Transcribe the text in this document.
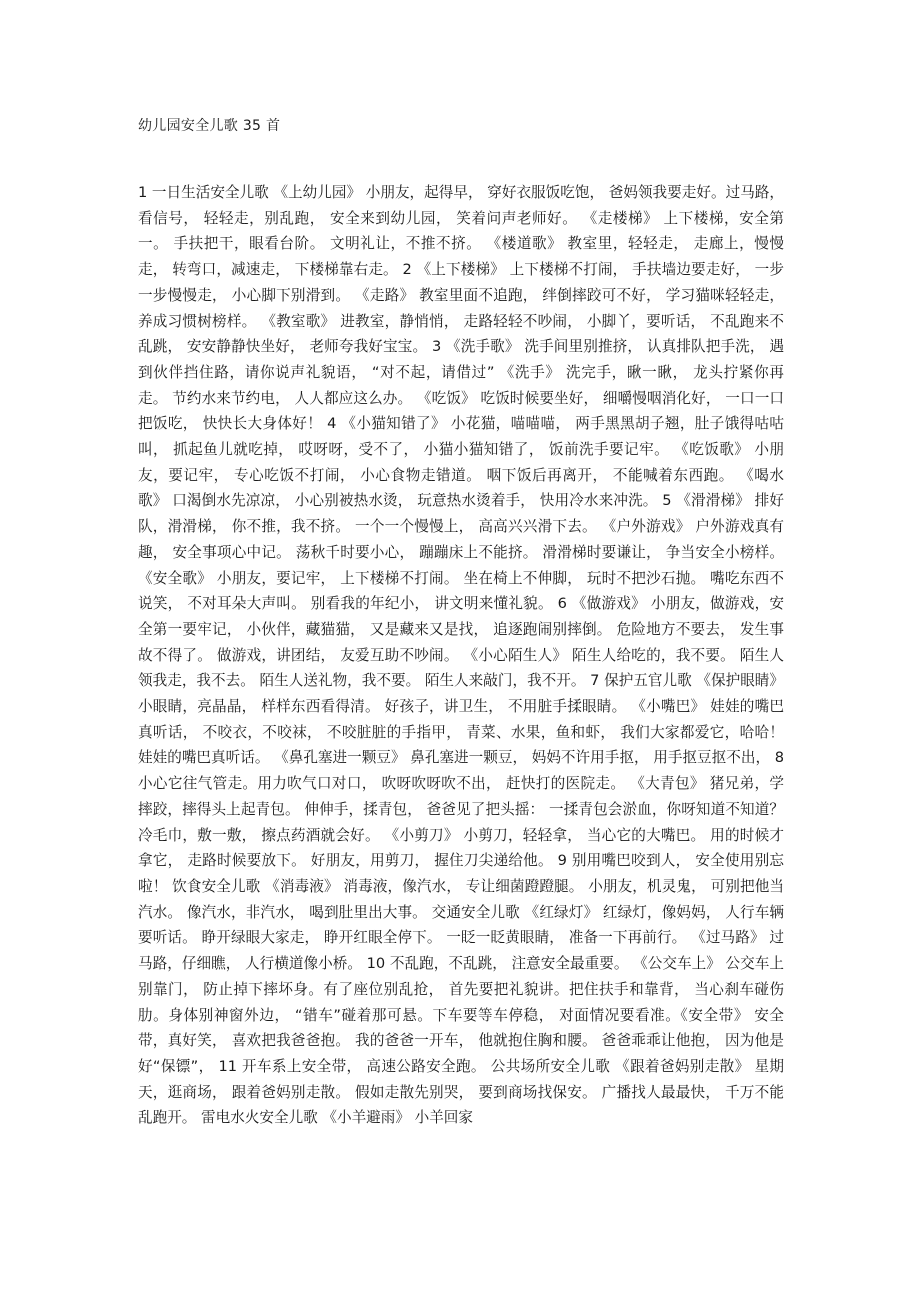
幼儿园安全儿歌 35 首
1 一日生活安全儿歌 《上幼儿园》 小朋友，起得早， 穿好衣服饭吃饱， 爸妈领我要走好。过马路，看信号， 轻轻走，别乱跑， 安全来到幼儿园， 笑着问声老师好。 《走楼梯》 上下楼梯，安全第一。 手扶把干，眼看台阶。 文明礼让，不推不挤。 《楼道歌》 教室里，轻轻走， 走廊上，慢慢走， 转弯口，减速走， 下楼梯靠右走。 2 《上下楼梯》 上下楼梯不打闹， 手扶墙边要走好， 一步一步慢慢走， 小心脚下别滑到。 《走路》 教室里面不追跑， 绊倒摔跤可不好， 学习猫咪轻轻走， 养成习惯树榜样。 《教室歌》 进教室，静悄悄， 走路轻轻不吵闹， 小脚丫，要听话， 不乱跑来不乱跳， 安安静静快坐好， 老师夸我好宝宝。 3 《洗手歌》 洗手间里别推挤， 认真排队把手洗， 遇到伙伴挡住路，请你说声礼貌语， “对不起，请借过” 《洗手》 洗完手，瞅一瞅， 龙头拧紧你再走。 节约水来节约电， 人人都应这么办。 《吃饭》 吃饭时候要坐好， 细嚼慢咽消化好， 一口一口把饭吃， 快快长大身体好！ 4 《小猫知错了》 小花猫，喵喵喵， 两手黑黑胡子翘，肚子饿得咕咕叫， 抓起鱼儿就吃掉， 哎呀呀，受不了， 小猫小猫知错了， 饭前洗手要记牢。 《吃饭歌》 小朋友，要记牢， 专心吃饭不打闹， 小心食物走错道。 咽下饭后再离开， 不能喊着东西跑。 《喝水歌》 口渴倒水先凉凉， 小心别被热水烫， 玩意热水烫着手， 快用冷水来冲洗。 5 《滑滑梯》 排好队，滑滑梯， 你不推，我不挤。 一个一个慢慢上， 高高兴兴滑下去。 《户外游戏》 户外游戏真有趣， 安全事项心中记。 荡秋千时要小心， 蹦蹦床上不能挤。 滑滑梯时要谦让， 争当安全小榜样。 《安全歌》 小朋友，要记牢， 上下楼梯不打闹。 坐在椅上不伸脚， 玩时不把沙石抛。 嘴吃东西不说笑， 不对耳朵大声叫。 别看我的年纪小， 讲文明来懂礼貌。 6 《做游戏》 小朋友，做游戏，安全第一要牢记， 小伙伴，藏猫猫， 又是藏来又是找， 追逐跑闹别摔倒。 危险地方不要去， 发生事故不得了。 做游戏，讲团结， 友爱互助不吵闹。 《小心陌生人》 陌生人给吃的，我不要。 陌生人领我走，我不去。 陌生人送礼物，我不要。 陌生人来敲门，我不开。 7 保护五官儿歌 《保护眼睛》 小眼睛，亮晶晶， 样样东西看得清。 好孩子，讲卫生， 不用脏手揉眼睛。 《小嘴巴》 娃娃的嘴巴真听话， 不咬衣，不咬袜， 不咬脏脏的手指甲， 青菜、水果，鱼和虾， 我们大家都爱它，哈哈！ 娃娃的嘴巴真听话。 《鼻孔塞进一颗豆》 鼻孔塞进一颗豆， 妈妈不许用手抠， 用手抠豆抠不出， 8 小心它往气管走。用力吹气口对口， 吹呀吹呀吹不出， 赶快打的医院走。 《大青包》 猪兄弟，学摔跤，摔得头上起青包。 伸伸手，揉青包， 爸爸见了把头摇： 一揉青包会淤血，你呀知道不知道？ 冷毛巾，敷一敷， 擦点药酒就会好。 《小剪刀》 小剪刀，轻轻拿， 当心它的大嘴巴。 用的时候才拿它， 走路时候要放下。 好朋友，用剪刀， 握住刀尖递给他。 9 别用嘴巴咬到人， 安全使用别忘啦！ 饮食安全儿歌 《消毒液》 消毒液，像汽水， 专让细菌蹬蹬腿。 小朋友，机灵鬼， 可别把他当汽水。 像汽水，非汽水， 喝到肚里出大事。 交通安全儿歌 《红绿灯》 红绿灯，像妈妈， 人行车辆要听话。 睁开绿眼大家走， 睁开红眼全停下。 一眨一眨黄眼睛， 准备一下再前行。 《过马路》 过马路，仔细瞧， 人行横道像小桥。 10 不乱跑，不乱跳， 注意安全最重要。 《公交车上》 公交车上别靠门， 防止掉下摔坏身。有了座位别乱抢， 首先要把礼貌讲。把住扶手和靠背， 当心刹车碰伤肋。身体别神窗外边， “错车”碰着那可悬。下车要等车停稳， 对面情况要看准。《安全带》 安全带，真好笑， 喜欢把我爸爸抱。 我的爸爸一开车， 他就抱住胸和腰。 爸爸乖乖让他抱， 因为他是好“保镖”， 11 开车系上安全带， 高速公路安全跑。 公共场所安全儿歌 《跟着爸妈别走散》 星期天，逛商场， 跟着爸妈别走散。 假如走散先别哭， 要到商场找保安。 广播找人最最快， 千万不能乱跑开。 雷电水火安全儿歌 《小羊避雨》 小羊回家
